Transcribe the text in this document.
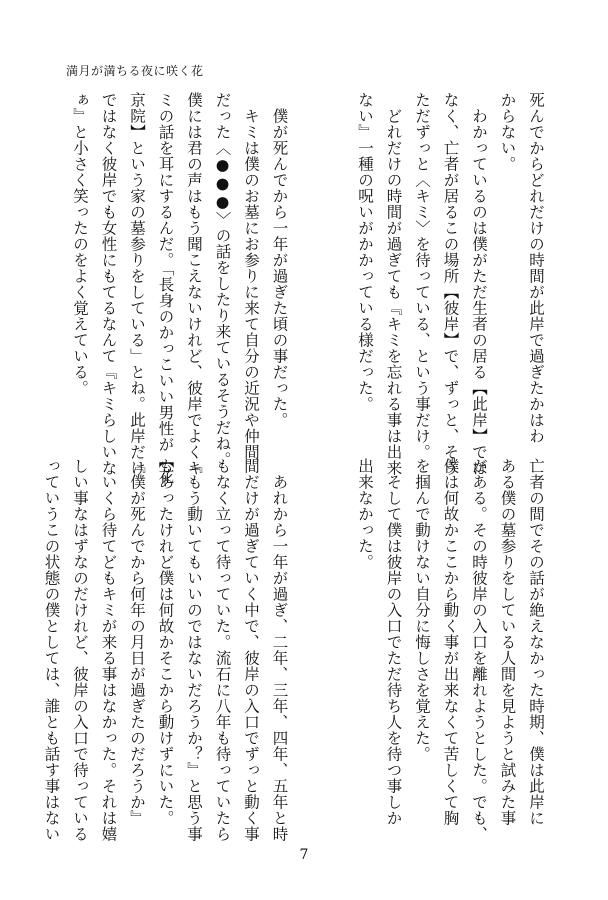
満月が満ちる夜に咲く花
死んでからどれだけの時間が此岸で過ぎたかはわ
からない。
　わかっているのは僕がただ生者の居る【此岸】では
なく、亡者が居るこの場所【彼岸】で、ずっと、そう
ただずっと〈キミ〉を待っている、という事だけ。
　どれだけの時間が過ぎても『キミを忘れる事は出来
ない』一種の呪いがかかっている様だった。

　僕が死んでから一年が過ぎた頃の事だった。
　キミは僕のお墓にお参りに来て自分の近況や仲間
だった〈●●●〉の話をしたり来ているそうだね。
僕には君の声はもう聞こえないけれど、彼岸でよくキ
ミの話を耳にするんだ。「長身のかっこいい男性が【花
京院】という家の墓参りをしている」とね。此岸だけ
ではなく彼岸でも女性にもてるなんて『キミらしいな
ぁ』と小さく笑ったのをよく覚えている。
亡者の間でその話が絶えなかった時期、僕は此岸に
ある僕の墓参りをしている人間を見ようと試みた事
がある。その時彼岸の入口を離れようとした。でも、
僕は何故かここから動く事が出来なくて苦しくて胸
を掴んで動けない自分に悔しさを覚えた。
　そして僕は彼岸の入口でただ待ち人を待つ事しか
出来なかった。

　あれから一年が過ぎ、二年、三年、四年、五年と時
間だけが過ぎていく中で、彼岸の入口でずっと動く事
もなく立って待っていた。流石に八年も待っていたら
『もう動いてもいいのではないだろうか？』と思う事
もあったけれど僕は何故かそこから動けずにいた。
『僕が死んでから何年の月日が過ぎたのだろうか』
　いくら待てどもキミが来る事はなかった。それは嬉
しい事なはずなのだけれど、彼岸の入口で待っている
っていうこの状態の僕としては、誰とも話す事はない
7
